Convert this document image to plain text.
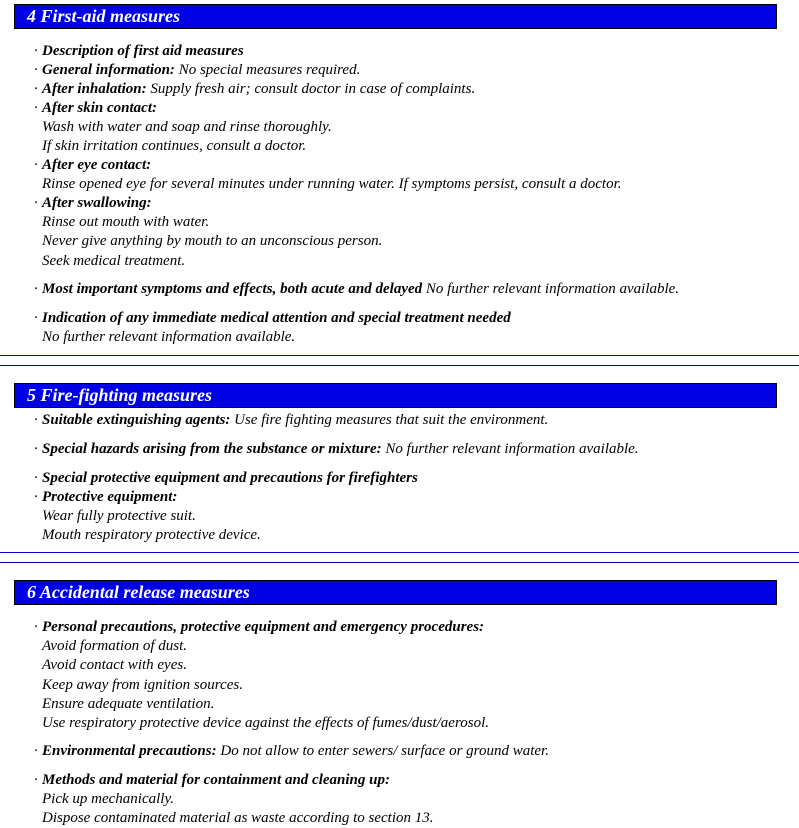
4 First-aid measures
· Description of first aid measures
· General information: No special measures required.
· After inhalation: Supply fresh air; consult doctor in case of complaints.
· After skin contact:
Wash with water and soap and rinse thoroughly.
If skin irritation continues, consult a doctor.
· After eye contact:
Rinse opened eye for several minutes under running water. If symptoms persist, consult a doctor.
· After swallowing:
Rinse out mouth with water.
Never give anything by mouth to an unconscious person.
Seek medical treatment.
· Most important symptoms and effects, both acute and delayed No further relevant information available.
· Indication of any immediate medical attention and special treatment needed
No further relevant information available.
5 Fire-fighting measures
· Suitable extinguishing agents: Use fire fighting measures that suit the environment.
· Special hazards arising from the substance or mixture: No further relevant information available.
· Special protective equipment and precautions for firefighters
· Protective equipment:
Wear fully protective suit.
Mouth respiratory protective device.
6 Accidental release measures
· Personal precautions, protective equipment and emergency procedures:
Avoid formation of dust.
Avoid contact with eyes.
Keep away from ignition sources.
Ensure adequate ventilation.
Use respiratory protective device against the effects of fumes/dust/aerosol.
· Environmental precautions: Do not allow to enter sewers/ surface or ground water.
· Methods and material for containment and cleaning up:
Pick up mechanically.
Dispose contaminated material as waste according to section 13.
